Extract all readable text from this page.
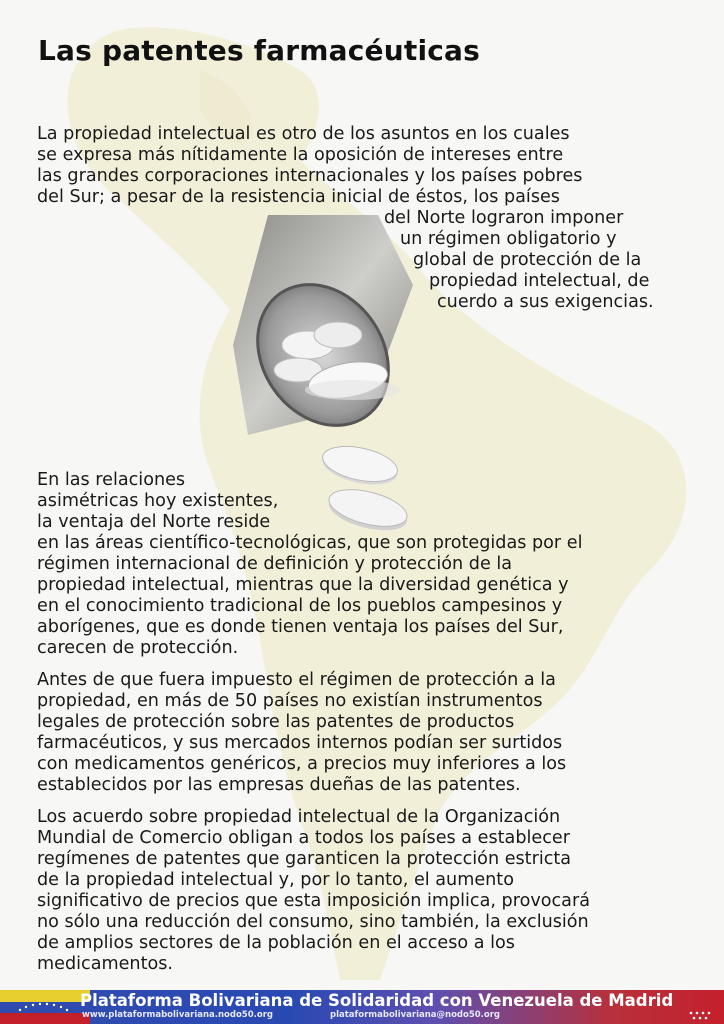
Las patentes farmacéuticas

La propiedad intelectual es otro de los asuntos en los cuales

se expresa más nítidamente la oposición de intereses entre

las grandes corporaciones internacionales y los países pobres

del Sur; a pesar de la resistencia inicial de éstos, los países

del Norte lograron imponer

un régimen obligatorio y

global de protección de la

propiedad intelectual, de

cuerdo a sus exigencias.

En las relaciones

asimétricas hoy existentes,

la ventaja del Norte reside

en las áreas científico-tecnológicas, que son protegidas por el

régimen internacional de definición y protección de la

propiedad intelectual, mientras que la diversidad genética y

en el conocimiento tradicional de los pueblos campesinos y

aborígenes, que es donde tienen ventaja los países del Sur,

carecen de protección.

Antes de que fuera impuesto el régimen de protección a la

propiedad, en más de 50 países no existían instrumentos

legales de protección sobre las patentes de productos

farmacéuticos, y sus mercados internos podían ser surtidos

con medicamentos genéricos, a precios muy inferiores a los

establecidos por las empresas dueñas de las patentes.

Los acuerdo sobre propiedad intelectual de la Organización

Mundial de Comercio obligan a todos los países a establecer

regímenes de patentes que garanticen la protección estricta

de la propiedad intelectual y, por lo tanto, el aumento

significativo de precios que esta imposición implica, provocará

no sólo una reducción del consumo, sino también, la exclusión

de amplios sectores de la población en el acceso a los

medicamentos.

Plataforma Bolivariana de Solidaridad con Venezuela de Madrid

www.plataformabolivariana.nodo50.org	plataformabolivariana@nodo50.org
